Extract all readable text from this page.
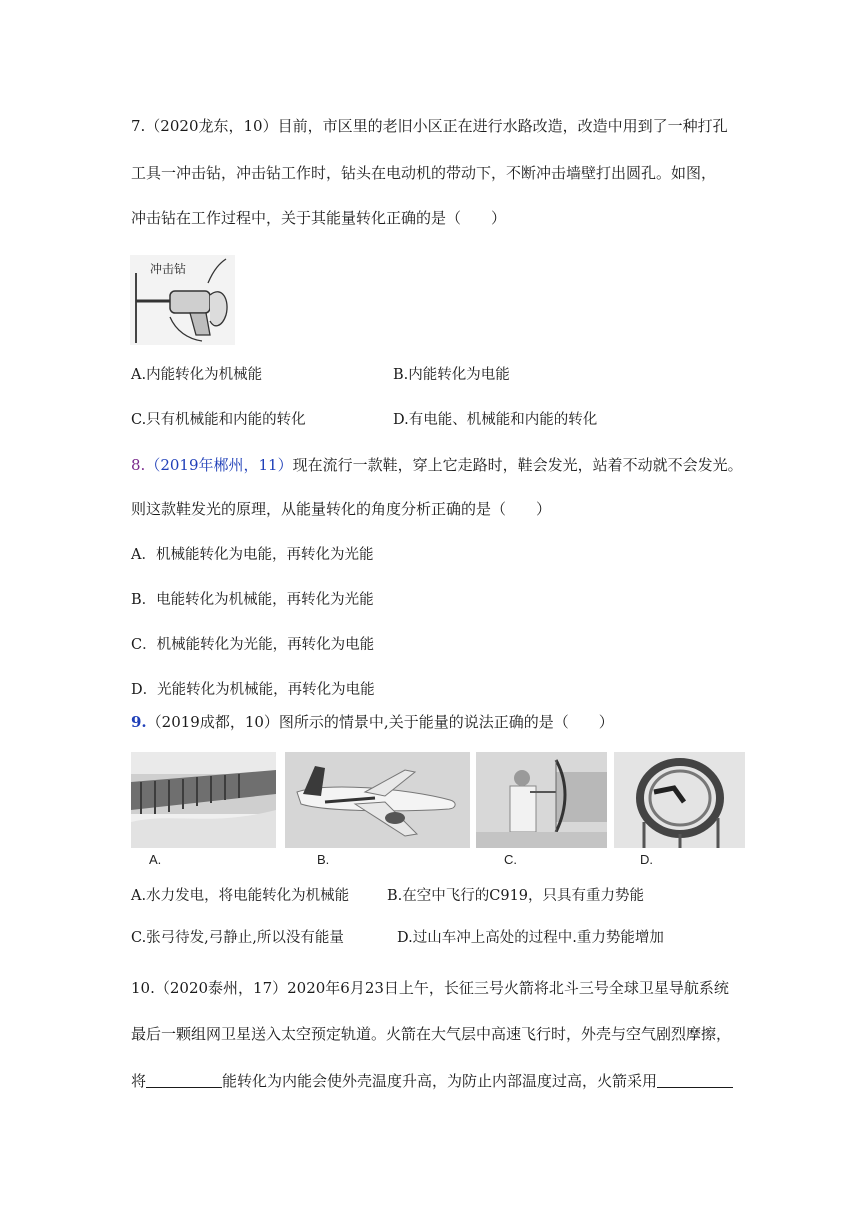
7.（2020龙东，10）目前，市区里的老旧小区正在进行水路改造，改造中用到了一种打孔
工具一冲击钻，冲击钻工作时，钻头在电动机的带动下，不断冲击墙壁打出圆孔。如图，
冲击钻在工作过程中，关于其能量转化正确的是（　　）
冲击钻
A.内能转化为机械能	B.内能转化为电能
C.只有机械能和内能的转化	D.有电能、机械能和内能的转化
8.（2019年郴州，11）现在流行一款鞋，穿上它走路时，鞋会发光，站着不动就不会发光。
则这款鞋发光的原理，从能量转化的角度分析正确的是（　　）
A．机械能转化为电能，再转化为光能
B．电能转化为机械能，再转化为光能
C．机械能转化为光能，再转化为电能
D．光能转化为机械能，再转化为电能
9.（2019成都，10）图所示的情景中,关于能量的说法正确的是（　　）
A.	B.	C.	D.
A.水力发电，将电能转化为机械能	B.在空中飞行的C919，只具有重力势能
C.张弓待发,弓静止,所以没有能量	D.过山车冲上高处的过程中.重力势能增加
10.（2020泰州，17）2020年6月23日上午，长征三号火箭将北斗三号全球卫星导航系统
最后一颗组网卫星送入太空预定轨道。火箭在大气层中高速飞行时，外壳与空气剧烈摩擦，
将	能转化为内能会使外壳温度升高，为防止内部温度过高，火箭采用
